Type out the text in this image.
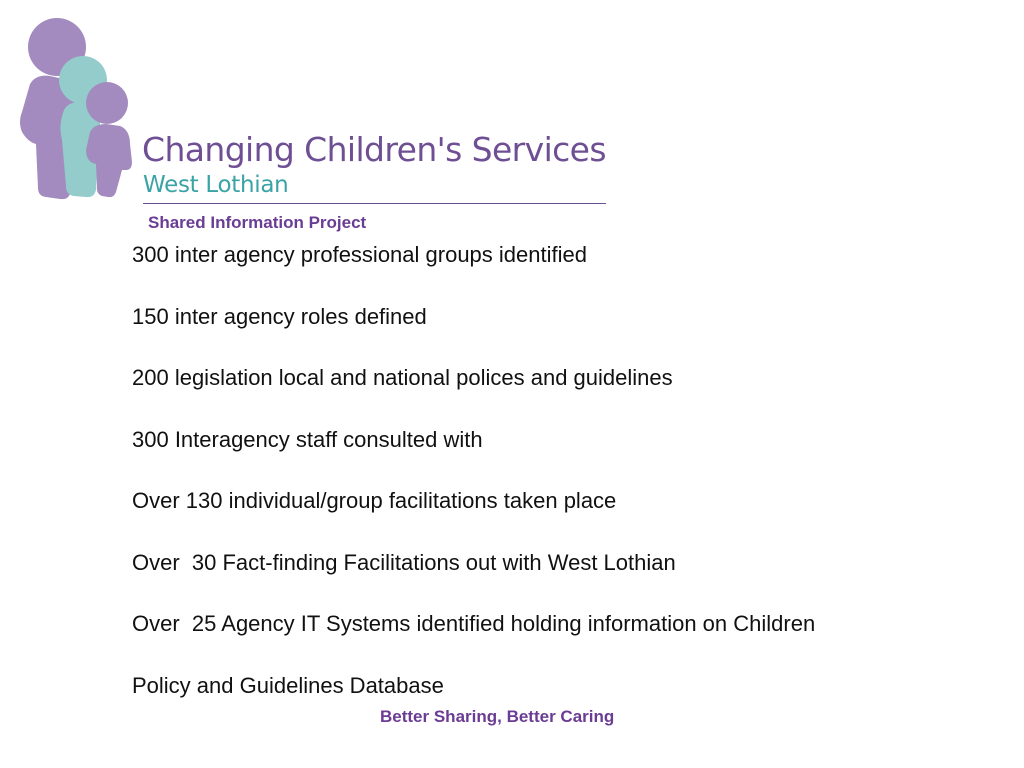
Changing Children's Services
West Lothian
Shared Information Project
300 inter agency professional groups identified
150 inter agency roles defined
200 legislation local and national polices and guidelines
300 Interagency staff consulted with
Over 130 individual/group facilitations taken place
Over  30 Fact-finding Facilitations out with West Lothian
Over  25 Agency IT Systems identified holding information on Children
Policy and Guidelines Database
Better Sharing, Better Caring
